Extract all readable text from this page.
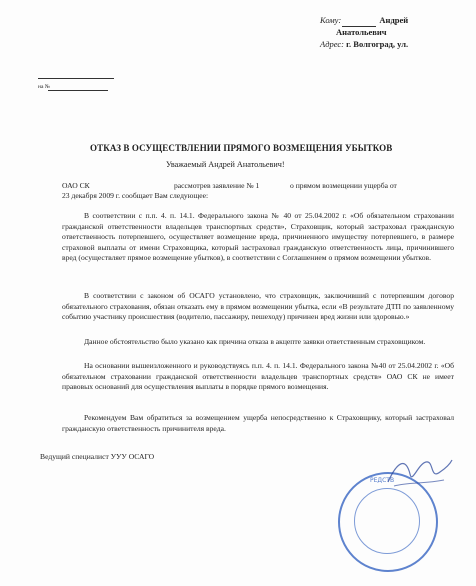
Кому:	Андрей
Анатольевич
Адрес: г. Волгоград, ул.
на №
ОТКАЗ В ОСУЩЕСТВЛЕНИИ ПРЯМОГО ВОЗМЕЩЕНИЯ УБЫТКОВ
Уважаемый Андрей Анатольевич!
ОАО СК	рассмотрев заявление № 1	о прямом возмещении ущерба от
23 декабря 2009 г. сообщает Вам следующее:
В соответствии с п.п. 4. п. 14.1. Федерального закона № 40 от 25.04.2002 г. «Об обязательном страховании гражданской ответственности владельцев транспортных средств», Страховщик, который застраховал гражданскую ответственность потерпевшего, осуществляет возмещение вреда, причиненного имуществу потерпевшего, в размере страховой выплаты от имени Страховщика, который застраховал гражданскую ответственность лица, причинившего вред (осуществляет прямое возмещение убытков), в соответствии с Соглашением о прямом возмещении убытков.
В соответствии с законом об ОСАГО установлено, что страховщик, заключивший с потерпевшим договор обязательного страхования, обязан отказать ему в прямом возмещении убытка, если «В результате ДТП по заявленному событию участнику происшествия (водителю, пассажиру, пешеходу) причинен вред жизни или здоровью.»
Данное обстоятельство было указано как причина отказа в акцепте заявки ответственным страховщиком.
На основании вышеизложенного и руководствуясь п.п. 4. п. 14.1. Федерального закона №40 от 25.04.2002 г. «Об обязательном страховании гражданской ответственности владельцев транспортных средств» ОАО СК не имеет правовых оснований для осуществления выплаты в порядке прямого возмещения.
Рекомендуем Вам обратиться за возмещением ущерба непосредственно к Страховщику, который застраховал гражданскую ответственность причинителя вреда.
Ведущий специалист УУУ ОСАГО
РЕДСТВ
